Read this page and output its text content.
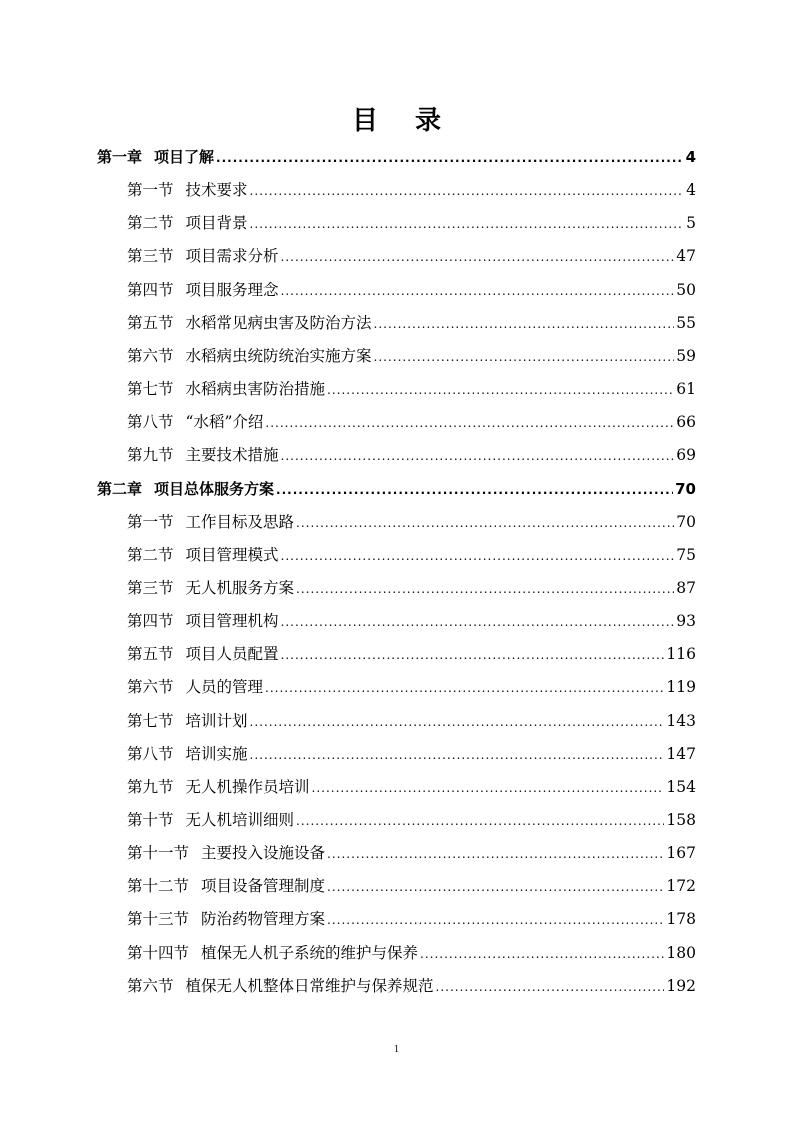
目 录
第一章 项目了解 .....	4
第一节 技术要求 .....	4
第二节 项目背景 .....	5
第三节 项目需求分析 .....	47
第四节 项目服务理念 .....	50
第五节 水稻常见病虫害及防治方法 .....	55
第六节 水稻病虫统防统治实施方案 .....	59
第七节 水稻病虫害防治措施 .....	61
第八节 “水稻”介绍 .....	66
第九节 主要技术措施 .....	69
第二章 项目总体服务方案 .....	70
第一节 工作目标及思路 .....	70
第二节 项目管理模式 .....	75
第三节 无人机服务方案 .....	87
第四节 项目管理机构 .....	93
第五节 项目人员配置 .....	116
第六节 人员的管理 .....	119
第七节 培训计划 .....	143
第八节 培训实施 .....	147
第九节 无人机操作员培训 .....	154
第十节 无人机培训细则 .....	158
第十一节 主要投入设施设备 .....	167
第十二节 项目设备管理制度 .....	172
第十三节 防治药物管理方案 .....	178
第十四节 植保无人机子系统的维护与保养 .....	180
第六节 植保无人机整体日常维护与保养规范 .....	192
1
